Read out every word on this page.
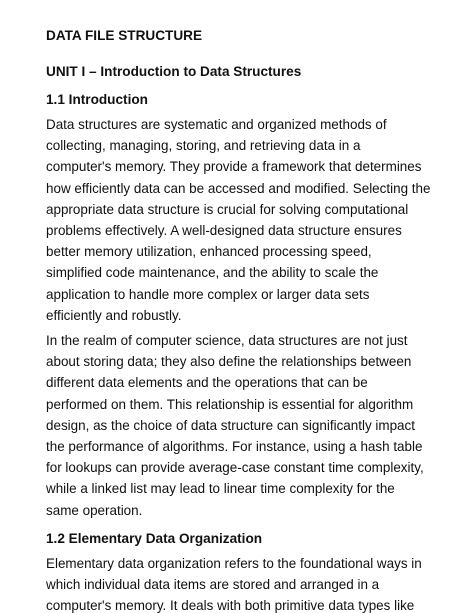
DATA FILE STRUCTURE
UNIT I – Introduction to Data Structures
1.1 Introduction

Data structures are systematic and organized methods of
collecting, managing, storing, and retrieving data in a
computer's memory. They provide a framework that determines
how efficiently data can be accessed and modified. Selecting the
appropriate data structure is crucial for solving computational
problems effectively. A well-designed data structure ensures
better memory utilization, enhanced processing speed,
simplified code maintenance, and the ability to scale the
application to handle more complex or larger data sets
efficiently and robustly.

In the realm of computer science, data structures are not just
about storing data; they also define the relationships between
different data elements and the operations that can be
performed on them. This relationship is essential for algorithm
design, as the choice of data structure can significantly impact
the performance of algorithms. For instance, using a hash table
for lookups can provide average-case constant time complexity,
while a linked list may lead to linear time complexity for the
same operation.

1.2 Elementary Data Organization

Elementary data organization refers to the foundational ways in
which individual data items are stored and arranged in a
computer's memory. It deals with both primitive data types like
